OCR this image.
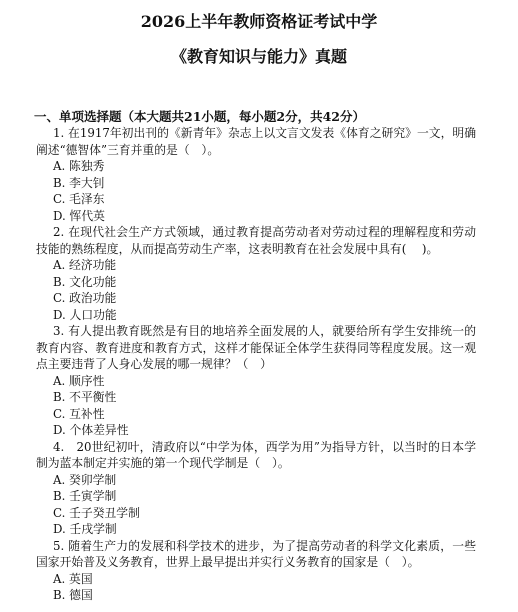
2026上半年教师资格证考试中学
《教育知识与能力》真题
一、单项选择题（本大题共21小题，每小题2分，共42分）

1. 在1917年初出刊的《新青年》杂志上以文言文发表《体育之研究》一文，明确阐述“德智体”三育并重的是（　）。

A. 陈独秀

B. 李大钊

C. 毛泽东

D. 恽代英

2. 在现代社会生产方式领域，通过教育提高劳动者对劳动过程的理解程度和劳动技能的熟练程度，从而提高劳动生产率，这表明教育在社会发展中具有(　 )。

A. 经济功能

B. 文化功能

C. 政治功能

D. 人口功能

3. 有人提出教育既然是有目的地培养全面发展的人，就要给所有学生安排统一的教育内容、教育进度和教育方式，这样才能保证全体学生获得同等程度发展。这一观点主要违背了人身心发展的哪一规律？（　）

A. 顺序性

B. 不平衡性

C. 互补性

D. 个体差异性

4.　20世纪初叶，清政府以“中学为体，西学为用”为指导方针，以当时的日本学制为蓝本制定并实施的第一个现代学制是（　）。

A. 癸卯学制

B. 壬寅学制

C. 壬子癸丑学制

D. 壬戌学制

5. 随着生产力的发展和科学技术的进步，为了提高劳动者的科学文化素质，一些国家开始普及义务教育，世界上最早提出并实行义务教育的国家是（　）。

A. 英国

B. 德国
